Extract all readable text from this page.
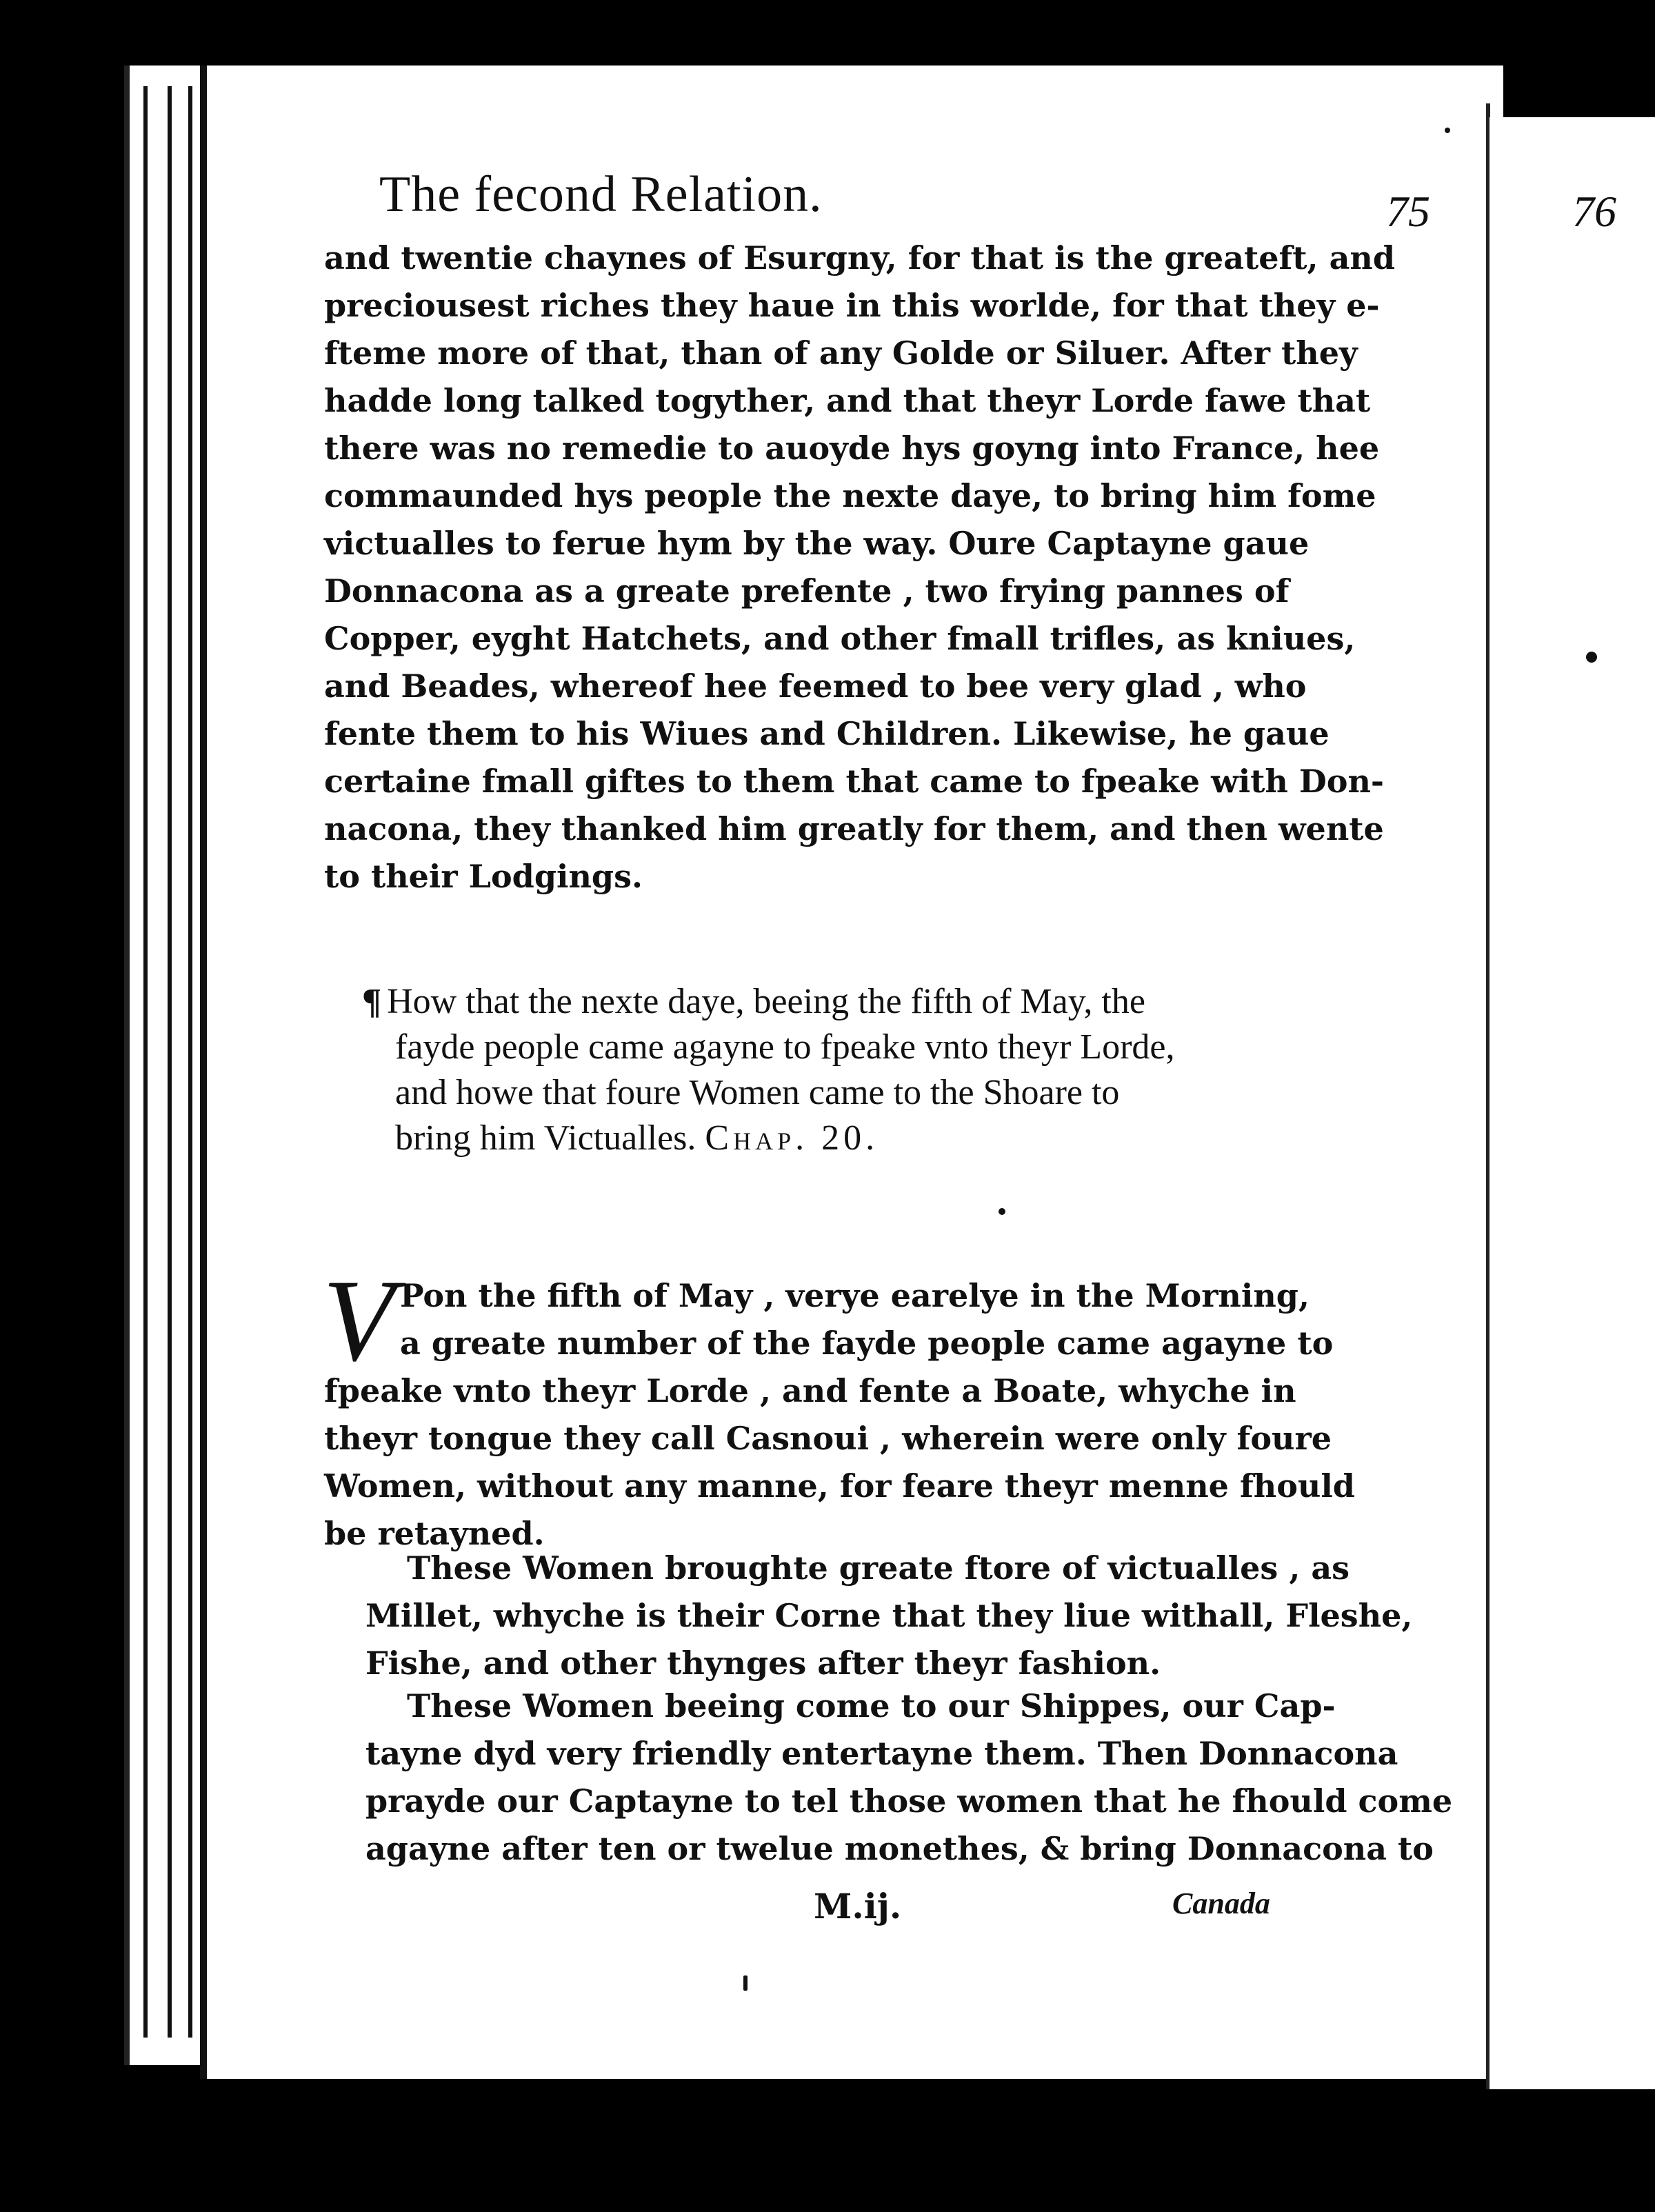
76
The fecond Relation.	75
and twentie chaynes of Esurgny, for that is the greateft, and
preciousest riches they haue in this worlde, for that they e-
fteme more of that, than of any Golde or Siluer. After they
hadde long talked togyther, and that theyr Lorde fawe that
there was no remedie to auoyde hys goyng into France, hee
commaunded hys people the nexte daye, to bring him fome
victualles to ferue hym by the way. Oure Captayne gaue
Donnacona as a greate prefente , two frying pannes of
Copper, eyght Hatchets, and other fmall trifles, as kniues,
and Beades, whereof hee feemed to bee very glad , who
fente them to his Wiues and Children. Likewise, he gaue
certaine fmall giftes to them that came to fpeake with Don-
nacona, they thanked him greatly for them, and then wente
to their Lodgings.
¶ How that the nexte daye, beeing the fifth of May, the
fayde people came agayne to fpeake vnto theyr Lorde,
and howe that foure Women came to the Shoare to
bring him Victualles. Chap. 20.
V Pon the fifth of May , verye earelye in the Morning,
a greate number of the fayde people came agayne to
fpeake vnto theyr Lorde , and fente a Boate, whyche in
theyr tongue they call Casnoui , wherein were only foure
Women, without any manne, for feare theyr menne fhould
be retayned.
These Women broughte greate ftore of victualles , as
Millet, whyche is their Corne that they liue withall, Fleshe,
Fishe, and other thynges after theyr fashion.
These Women beeing come to our Shippes, our Cap-
tayne dyd very friendly entertayne them. Then Donnacona
prayde our Captayne to tel those women that he fhould come
agayne after ten or twelue monethes, & bring Donnacona to
M.ij.	Canada
